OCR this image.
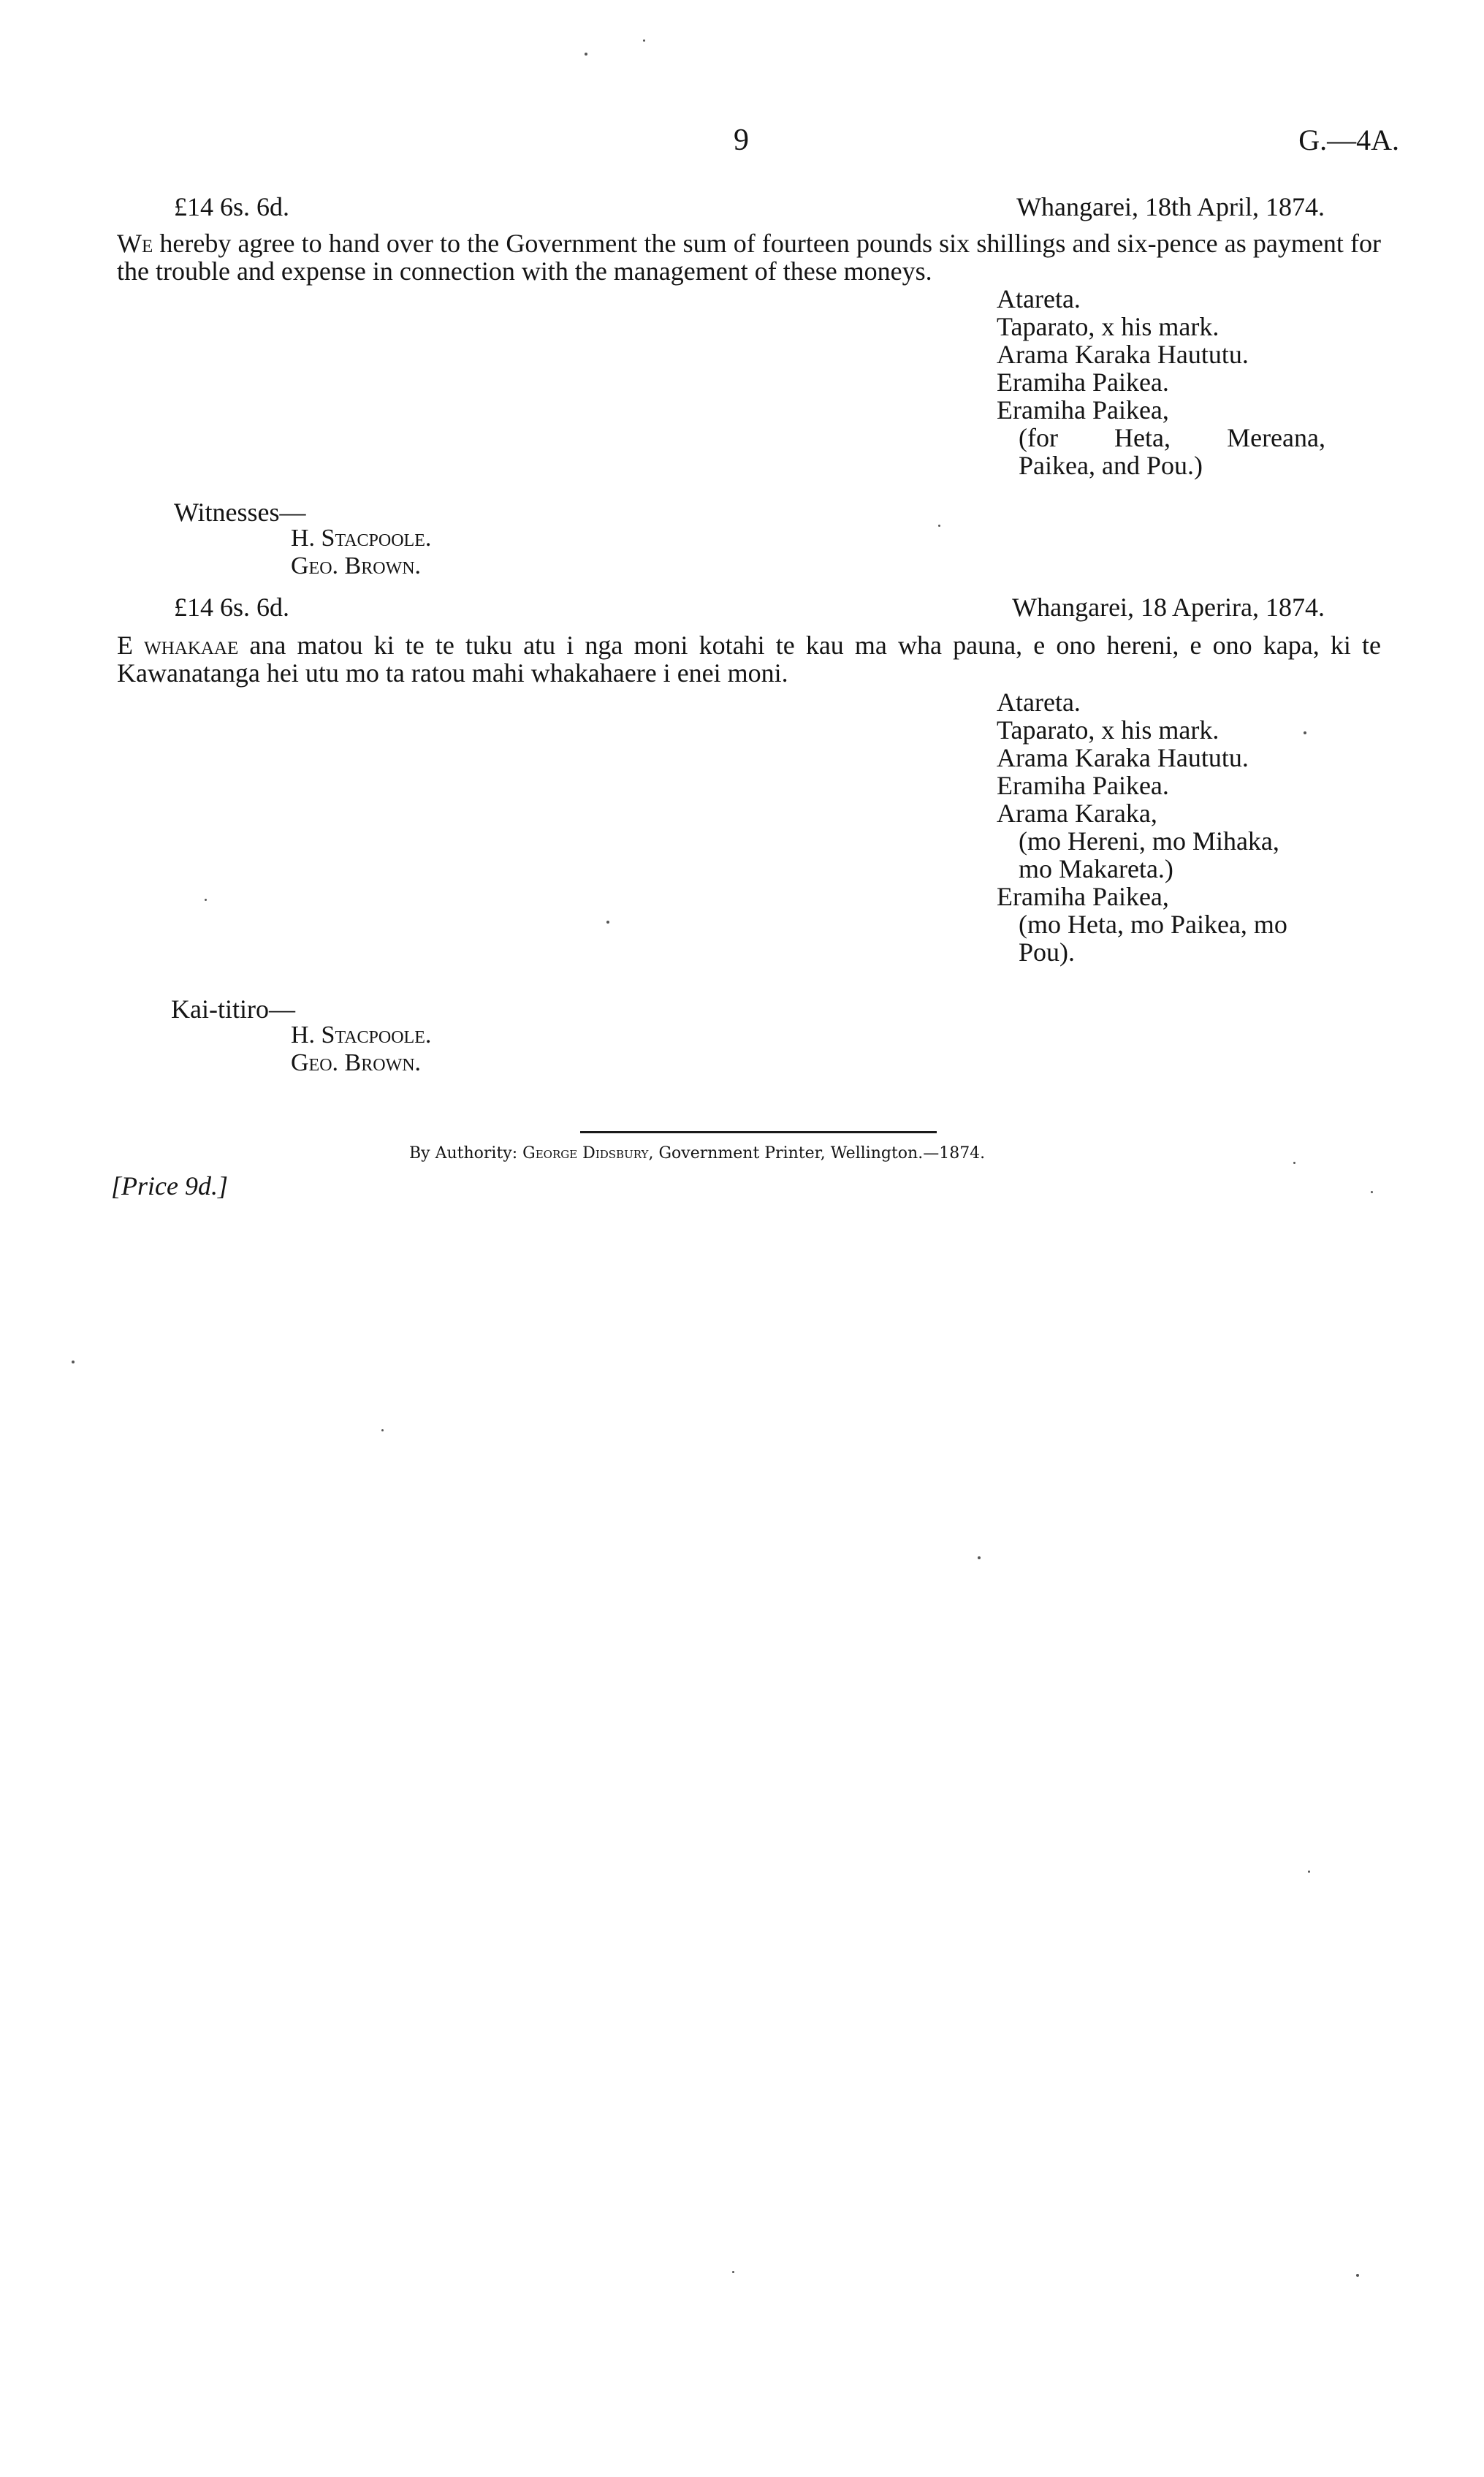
9	G.—4A.
£14 6s. 6d.	Whangarei, 18th April, 1874.
We hereby agree to hand over to the Government the sum of fourteen pounds six shillings and six-pence as payment for the trouble and expense in connection with the management of these moneys.
Atareta.
Taparato, x his mark.
Arama Karaka Haututu.
Eramiha Paikea.
Eramiha Paikea,
(for Heta, Mereana,
Paikea, and Pou.)
Witnesses—
H. Stacpoole.
Geo. Brown.
£14 6s. 6d.	Whangarei, 18 Aperira, 1874.
E whakaae ana matou ki te te tuku atu i nga moni kotahi te kau ma wha pauna, e ono hereni, e ono kapa, ki te Kawanatanga hei utu mo ta ratou mahi whakahaere i enei moni.
Atareta.
Taparato, x his mark.
Arama Karaka Haututu.
Eramiha Paikea.
Arama Karaka,
(mo Hereni, mo Mihaka,
mo Makareta.)
Eramiha Paikea,
(mo Heta, mo Paikea, mo
Pou).
Kai-titiro—
H. Stacpoole.
Geo. Brown.
By Authority: George Didsbury, Government Printer, Wellington.—1874.
[Price 9d.]
